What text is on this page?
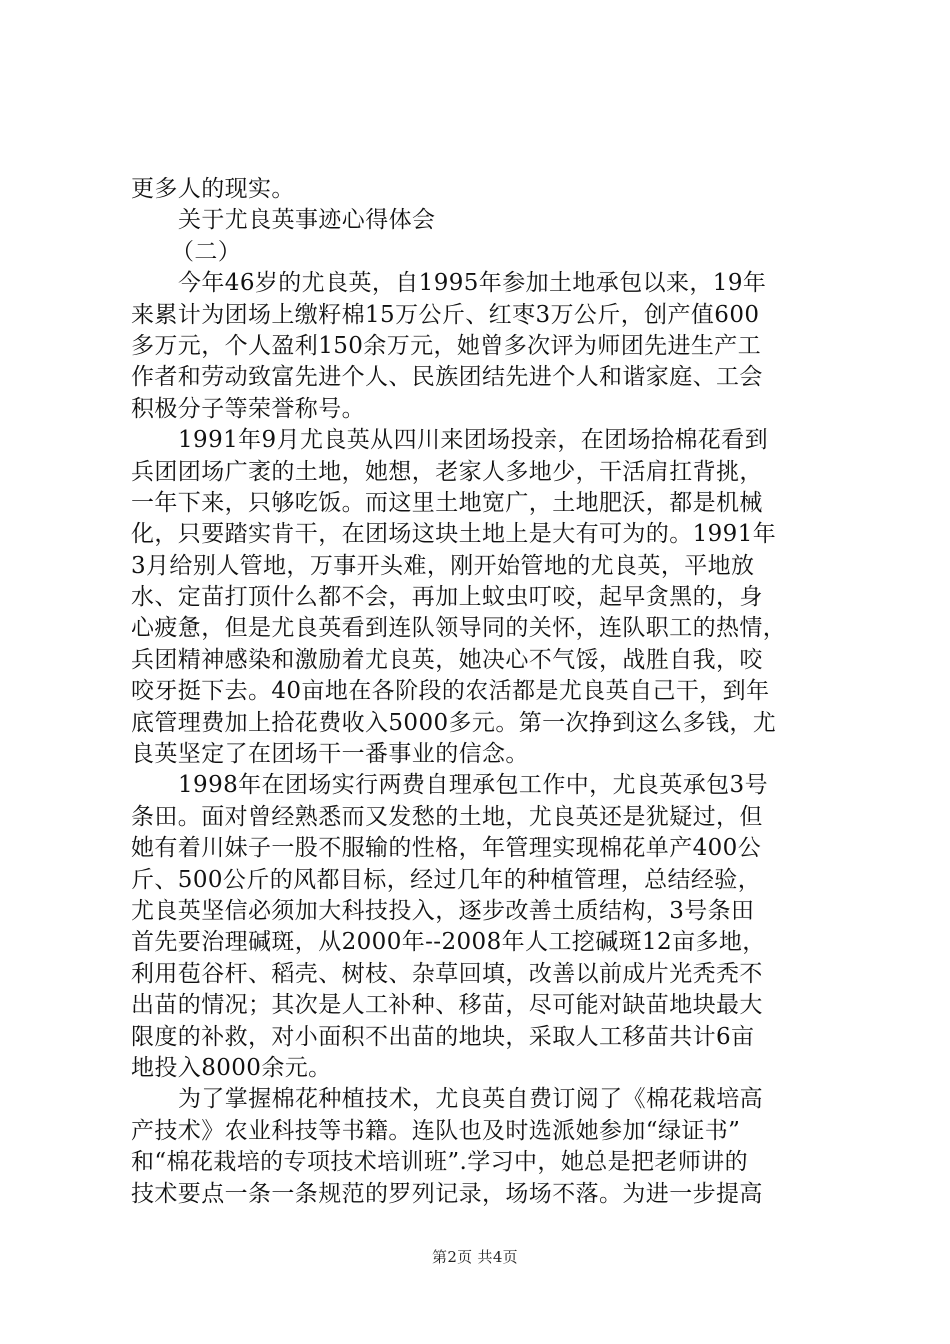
更多人的现实。
关于尤良英事迹心得体会
（二）
今年46岁的尤良英，自1995年参加土地承包以来，19年
来累计为团场上缴籽棉15万公斤、红枣3万公斤，创产值600
多万元，个人盈利150余万元，她曾多次评为师团先进生产工
作者和劳动致富先进个人、民族团结先进个人和谐家庭、工会
积极分子等荣誉称号。
1991年9月尤良英从四川来团场投亲，在团场拾棉花看到
兵团团场广袤的土地，她想，老家人多地少，干活肩扛背挑，
一年下来，只够吃饭。而这里土地宽广，土地肥沃，都是机械
化，只要踏实肯干，在团场这块土地上是大有可为的。1991年
3月给别人管地，万事开头难，刚开始管地的尤良英，平地放
水、定苗打顶什么都不会，再加上蚊虫叮咬，起早贪黑的，身
心疲惫，但是尤良英看到连队领导同的关怀，连队职工的热情，
兵团精神感染和激励着尤良英，她决心不气馁，战胜自我，咬
咬牙挺下去。40亩地在各阶段的农活都是尤良英自己干，到年
底管理费加上拾花费收入5000多元。第一次挣到这么多钱，尤
良英坚定了在团场干一番事业的信念。
1998年在团场实行两费自理承包工作中，尤良英承包3号
条田。面对曾经熟悉而又发愁的土地，尤良英还是犹疑过，但
她有着川妹子一股不服输的性格，年管理实现棉花单产400公
斤、500公斤的风都目标，经过几年的种植管理，总结经验，
尤良英坚信必须加大科技投入，逐步改善土质结构，3号条田
首先要治理碱斑，从2000年--2008年人工挖碱斑12亩多地，
利用苞谷杆、稻壳、树枝、杂草回填，改善以前成片光秃秃不
出苗的情况；其次是人工补种、移苗，尽可能对缺苗地块最大
限度的补救，对小面积不出苗的地块，采取人工移苗共计6亩
地投入8000余元。
为了掌握棉花种植技术，尤良英自费订阅了《棉花栽培高
产技术》农业科技等书籍。连队也及时选派她参加“绿证书”
和“棉花栽培的专项技术培训班”.学习中，她总是把老师讲的
技术要点一条一条规范的罗列记录，场场不落。为进一步提高
第2页 共4页
